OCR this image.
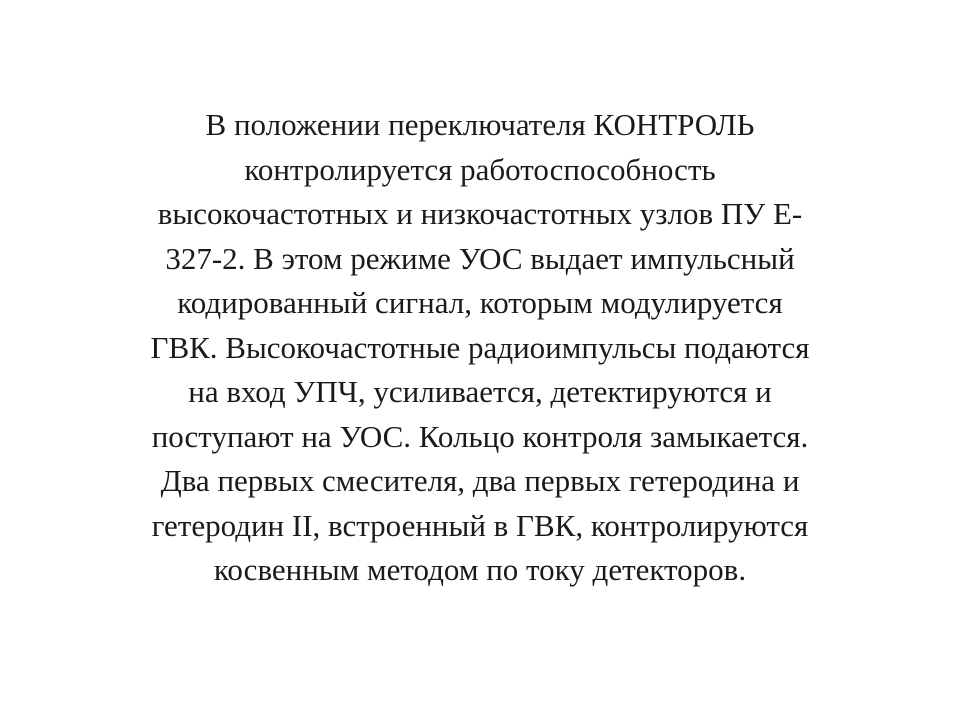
В положении переключателя КОНТРОЛЬ
контролируется работоспособность
высокочастотных и низкочастотных узлов ПУ Е-
327-2. В этом режиме УОС выдает импульсный
кодированный сигнал, которым модулируется
ГВК. Высокочастотные радиоимпульсы подаются
на вход УПЧ, усиливается, детектируются и
поступают на УОС. Кольцо контроля замыкается.
Два первых смесителя, два первых гетеродина и
гетеродин II, встроенный в ГВК, контролируются
косвенным методом по току детекторов.
